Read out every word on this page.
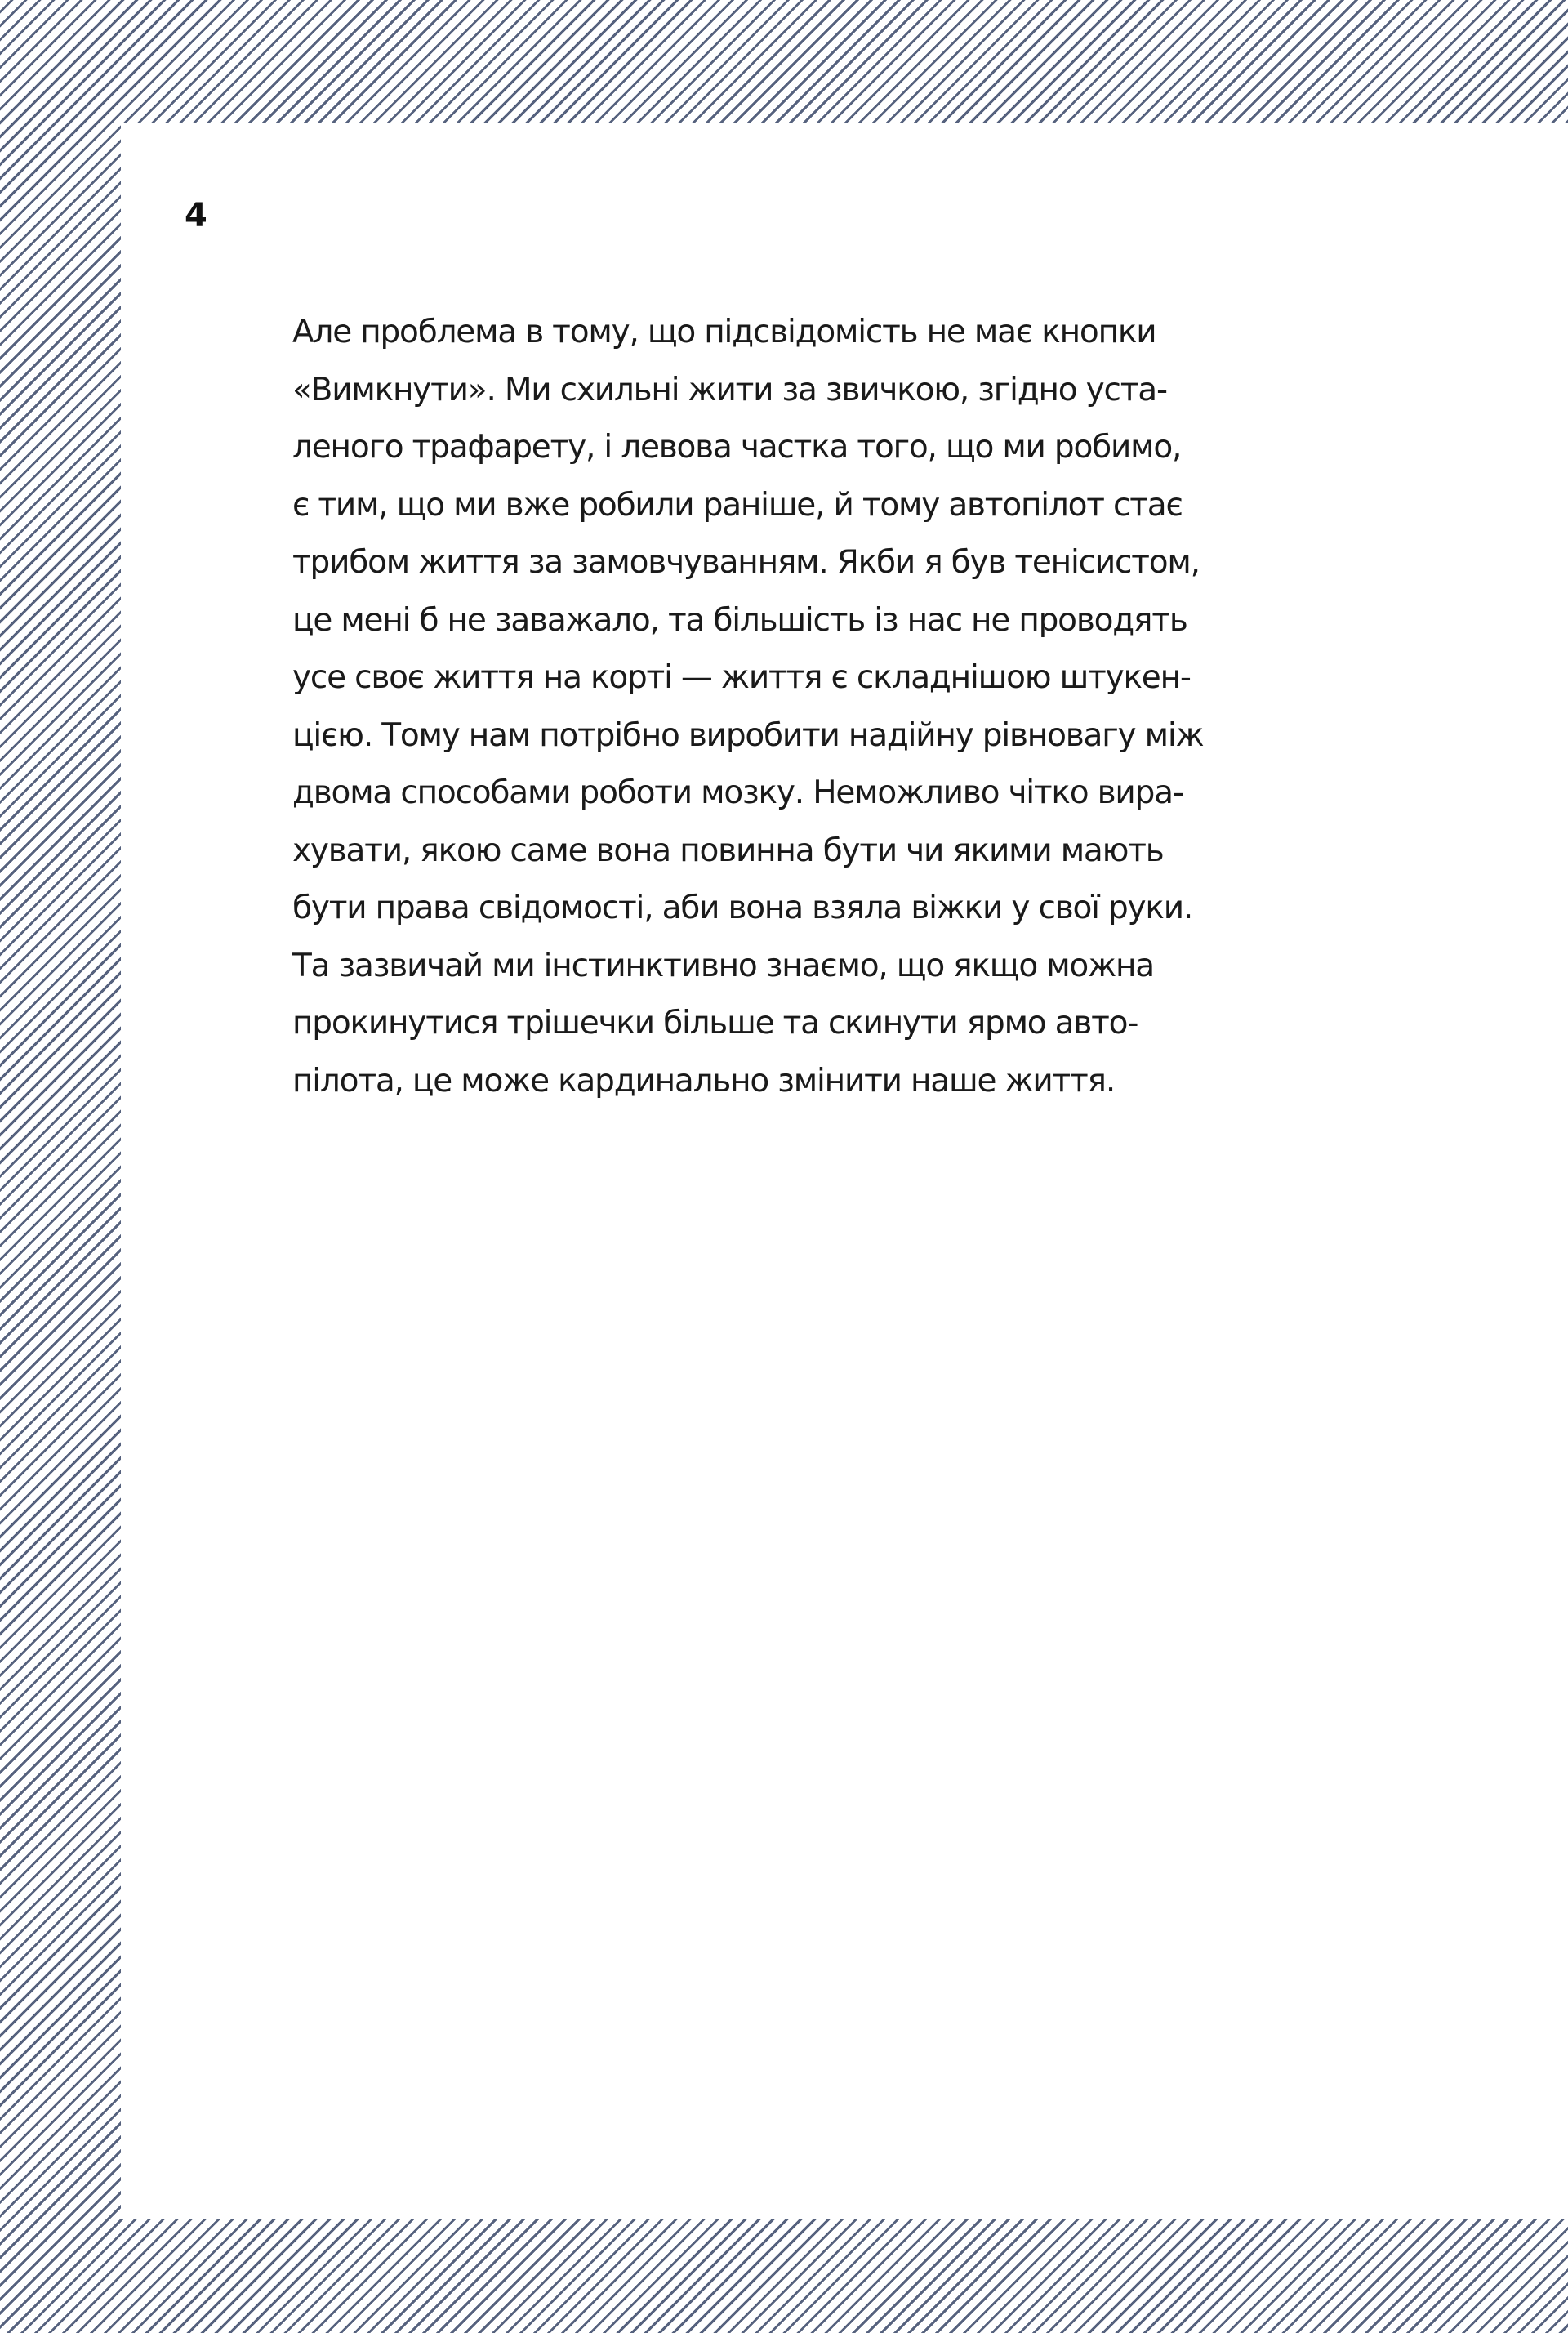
4

Але проблема в тому, що підсвідомість не має кнопки
«Вимкнути». Ми схильні жити за звичкою, згідно уста-
леного трафарету, і левова частка того, що ми робимо,
є тим, що ми вже робили раніше, й тому автопілот стає
трибом життя за замовчуванням. Якби я був тенісистом,
це мені б не заважало, та більшість із нас не проводять
усе своє життя на корті — життя є складнішою штукен-
цією. Тому нам потрібно виробити надійну рівновагу між
двома способами роботи мозку. Неможливо чітко вира-
хувати, якою саме вона повинна бути чи якими мають
бути права свідомості, аби вона взяла віжки у свої руки.
Та зазвичай ми інстинктивно знаємо, що якщо можна
прокинутися трішечки більше та скинути ярмо авто-
пілота, це може кардинально змінити наше життя.
